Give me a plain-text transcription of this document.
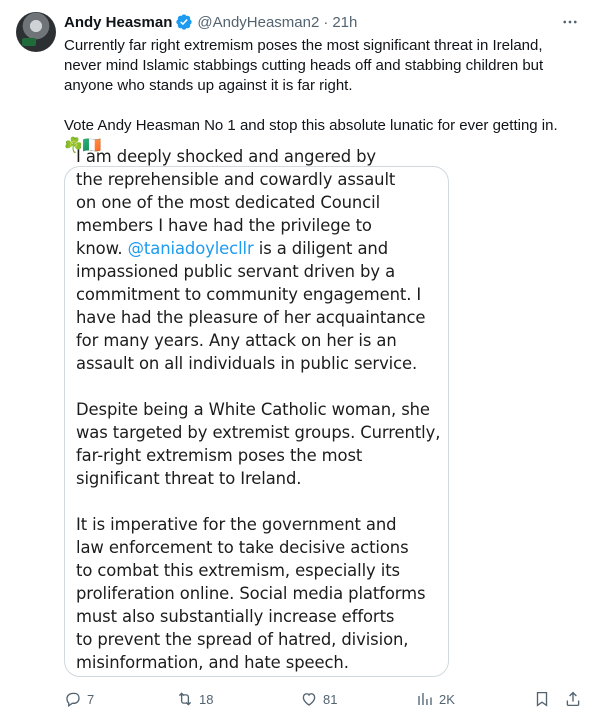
Andy Heasman @AndyHeasman2 · 21h
Currently far right extremism poses the most significant threat in Ireland, never mind Islamic stabbings cutting heads off and stabbing children but anyone who stands up against it is far right.

Vote Andy Heasman No 1 and stop this absolute lunatic for ever getting in.
☘️🇮🇪
I am deeply shocked and angered by
the reprehensible and cowardly assault
on one of the most dedicated Council
members I have had the privilege to
know. @taniadoylecllr is a diligent and
impassioned public servant driven by a
commitment to community engagement. I
have had the pleasure of her acquaintance
for many years. Any attack on her is an
assault on all individuals in public service.

Despite being a White Catholic woman, she
was targeted by extremist groups. Currently,
far-right extremism poses the most
significant threat to Ireland.

It is imperative for the government and
law enforcement to take decisive actions
to combat this extremism, especially its
proliferation online. Social media platforms
must also substantially increase efforts
to prevent the spread of hatred, division,
misinformation, and hate speech.
7	18	81	2K
